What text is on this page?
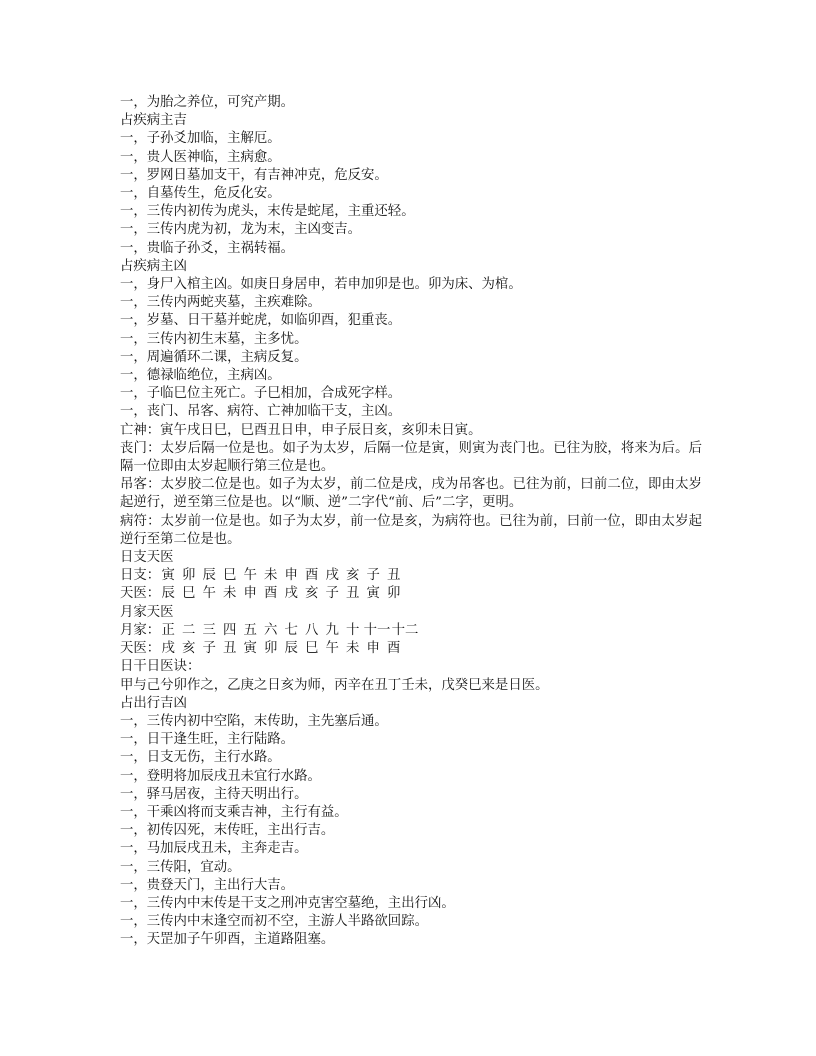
一，为胎之养位，可究产期。
占疾病主吉
一，子孙爻加临，主解厄。
一，贵人医神临，主病愈。
一，罗网日墓加支干，有吉神冲克，危反安。
一，自墓传生，危反化安。
一，三传内初传为虎头，末传是蛇尾，主重还轻。
一，三传内虎为初，龙为末，主凶变吉。
一，贵临子孙爻，主祸转福。
占疾病主凶
一，身尸入棺主凶。如庚日身居申，若申加卯是也。卯为床、为棺。
一，三传内两蛇夹墓，主疾难除。
一，岁墓、日干墓并蛇虎，如临卯酉，犯重丧。
一，三传内初生末墓，主多忧。
一，周遍循环二课，主病反复。
一，德禄临绝位，主病凶。
一，子临巳位主死亡。子巳相加，合成死字样。
一，丧门、吊客、病符、亡神加临干支，主凶。
亡神：寅午戌日巳，巳酉丑日申，申子辰日亥，亥卯未日寅。
丧门：太岁后隔一位是也。如子为太岁，后隔一位是寅，则寅为丧门也。已往为胶，将来为后。后隔一位即由太岁起顺行第三位是也。
吊客：太岁胶二位是也。如子为太岁，前二位是戌，戌为吊客也。已往为前，曰前二位，即由太岁起逆行，逆至第三位是也。以“顺、逆”二字代“前、后”二字，更明。
病符：太岁前一位是也。如子为太岁，前一位是亥，为病符也。已往为前，曰前一位，即由太岁起逆行至第二位是也。
日支天医
日支： 寅 卯 辰 巳 午 未 申 酉 戌 亥 子 丑
天医： 辰 巳 午 未 申 酉 戌 亥 子 丑 寅 卯
月家天医
月家： 正 二 三 四 五 六 七 八 九 十 十一 十二
天医： 戌 亥 子 丑 寅 卯 辰 巳 午 未 申 酉
日干日医诀：
甲与己兮卯作之，乙庚之日亥为师，丙辛在丑丁壬未，戊癸巳来是日医。
占出行吉凶
一，三传内初中空陷，末传助，主先塞后通。
一，日干逢生旺，主行陆路。
一，日支无伤，主行水路。
一，登明将加辰戌丑未宜行水路。
一，驿马居夜，主待天明出行。
一，干乘凶将而支乘吉神，主行有益。
一，初传囚死，末传旺，主出行吉。
一，马加辰戌丑未，主奔走吉。
一，三传阳，宜动。
一，贵登天门，主出行大吉。
一，三传内中末传是干支之刑冲克害空墓绝，主出行凶。
一，三传内中末逢空而初不空，主游人半路欲回踪。
一，天罡加子午卯酉，主道路阻塞。
